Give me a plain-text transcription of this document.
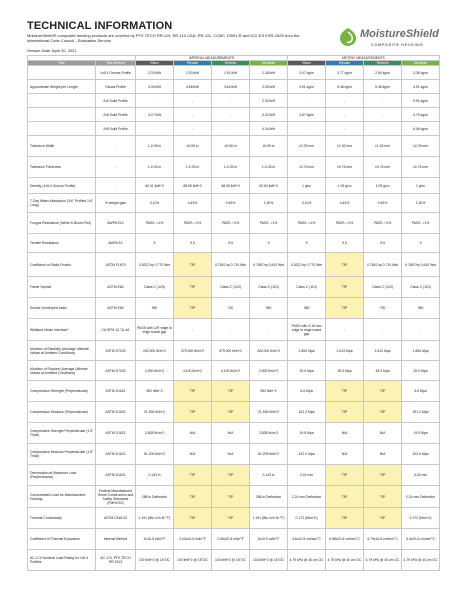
TECHNICAL INFORMATION

MoistureShield® composite decking products are covered by PFS TECO RR-115, RR-110 CAN, RR-111, CCMC 13991-R and ICC-ES ESR-1625 from the International Code Council - Evaluation Service.

Version Date: April 20, 2021

MoistureShield
COMPOSITE DECKING
		IMPERIAL MEASUREMENTS				METRIC MEASUREMENTS			
Test	Test Method	Vision	Elevate	Refresh	Meridian	Vision	Elevate	Refresh	Meridian
	1x5.4 Groove Profile	2.33 lb/ft	2.53 lb/ft	1.91 lb/ft	2.26 lb/ft	3.47 kg/m	3.77 kg/m	2.84 kg/m	3.36 kg/m
Approximate Weight per Length	Fascia Profile	3.30 lb/ft	3.68 lb/ft	3.64 lb/ft	3.25 lb/ft	4.91 kg/m	5.48 kg/m	5.48 kg/m	4.91 kg/m
	2x6 Solid Profile	-	-	-	2.32 lb/ft	-	-	-	9.91 kg/m
	2x6 Solid Profile	3.27 lb/ft	-	-	3.22 lb/ft	4.87 kg/m	-	-	4.79 kg/m
	2x8 Solid Profile	-	-	-	4.34 lb/ft	-	-	-	6.46 kg/m
Tolerance Width	-	1-0.09 in	±0.06 in	±0.06 in	±0.09 in	±2.29 mm	±1.52 mm	±1.52 mm	±2.29 mm
Tolerance Thickness	-	1-0.03 in	1-0.03 in	1-0.03 in	1-0.03 in	±0.76 mm	±0.76 mm	±0.76 mm	±0.76 mm
Density (1x5.4 Groove Profile)	-	62.41 lb/ft^3	68.05 lb/ft^3	68.05 lb/ft^3	62.63 lb/ft^3	1 g/cc	1.09 g/cc	1.09 g/cc	1 g/cc
7-Day Water Absorption (3/4" Profiles 1/4" Long)	% weight gain	0.11%	0.44%	0.49%	1.30%	0.11%	0.44%	0.49%	1.30%
Fungus Resistance (White & Brown Rot)	AWPA E10	PASS, <1%	PASS, <1%	PASS, <1%	PASS, <1%	PASS, <1%	PASS, <1%	PASS, <1%	PASS, <1%
Termite Resistance	AWPA E1	9	9.5	9.5	9	9	9.5	9.5	9
Coefficient of Static Friction	ASTM F1679	0.832 Dry 0.770 Wet	TIP	0.768 Dry 0.710 Wet	0.785 Dry 0.810 Wet	0.832 Dry 0.770 Wet	TIP	0.768 Dry 0.710 Wet	0.785 Dry 0.810 Wet
Flame Spread	ASTM E84	Class C (120)	TIP	Class C (120)	Class C (110)	Class C (110)	TIP	Class C (120)	Class C (110)
Smoke Developed Index	ASTM E84	350	TIP	700	350	350	TIP	700	350
Wildland Urban Interface*	CA SFM 12-7A-4A	PASS with 1/8" edge to edge board gap	-	-	-	PASS with 3.18 mm edge to edge board gap	-	-	-
Modulus of Elasticity (Average Ultimate Values at Ambient Conditions)	ASTM D7032	262,000 lb/in^2	379,000 lb/in^2	379,000 lb/in^2	262,000 lb/in^2	1,806 Mpa	2,613 Mpa	2,613 Mpa	1,806 Mpa
Modulus of Rupture (Average Ultimate Values at Ambient Conditions)	ASTM D7032	2,900 lb/in^2	4,100 lb/in^2	4,100 lb/in^2	2,900 lb/in^2	20.0 Mpa	28.3 Mpa	28.3 Mpa	20.0 Mpa
Compression Strength (Perpendicular)	ASTM D1621	962 lb/in^2	TIP	TIP	962 lb/in^2	6.6 Mpa	TIP	TIP	6.6 Mpa
Compression Modulus (Perpendicular)	ASTM D1621	21,926 lb/in^2	TIP	TIP	21,926 lb/in^2	151.2 Mpa	TIP	TIP	151.2 Mpa
Compressive Strength Perpendicular (1.5" Thick)	ASTM D1621	2,828 lb/in^2	N/A	N/A	2,828 lb/in^2	19.5 Mpa	N/A	N/A	19.5 Mpa
Compressive Modulus Perpendicular (1.5" Thick)	ASTM D1621	61,209 lb/in^2	N/A	N/A	61,209 lb/in^2	422.0 Mpa	N/A	N/A	422.0 Mpa
Deformation at Maximum Load (Perpendicular)	ASTM D1621	0.143 in	TIP	TIP	0.143 in	3.24 mm	TIP	TIP	3.24 mm
Concentrated Load for Manufactured Housing	Federal Manufactured Home Construction and Safety Standards (FMHCSS)	288 in Deflection	TIP	TIP	288 in Deflection	2.24 mm Deflection	TIP	TIP	2.24 mm Deflection
Thermal Conductivity	ASTM C518-02	1.191 (Btu in/h·ft²·°F)	TIP	TIP	1.191 (Btu in/h·ft²·°F)	0.172 (W/m·K)	TIP	TIP	0.172 (W/m·K)
Coefficient of Thermal Expansion	Internal Method	3x10-5 in/in/°F	3.03x10-5 in/in/°F	2.66x10-5 in/in/°F	3x10-5 in/in/°F	3.6x10-5 cm/cm/°C	5.58x10-5 cm/cm/°C	4.79x10-5 cm/cm/°C	5.4x10-5 cm/cm/°C
AC-174 Nominal Load Rating for 1x5.4 Profiles	AC-174, PFS TECO RR-0113	100 lb/ft^2 @ 16"OC	100 lb/ft^2 @ 16"OC	100 lb/ft^2 @ 16"OC	100 lb/ft^2 @ 16"OC	4.79 kPa @ 40 cm OC	4.79 kPa @ 40 cm OC	4.79 kPa @ 40 cm OC	4.79 kPa @ 40 cm OC
